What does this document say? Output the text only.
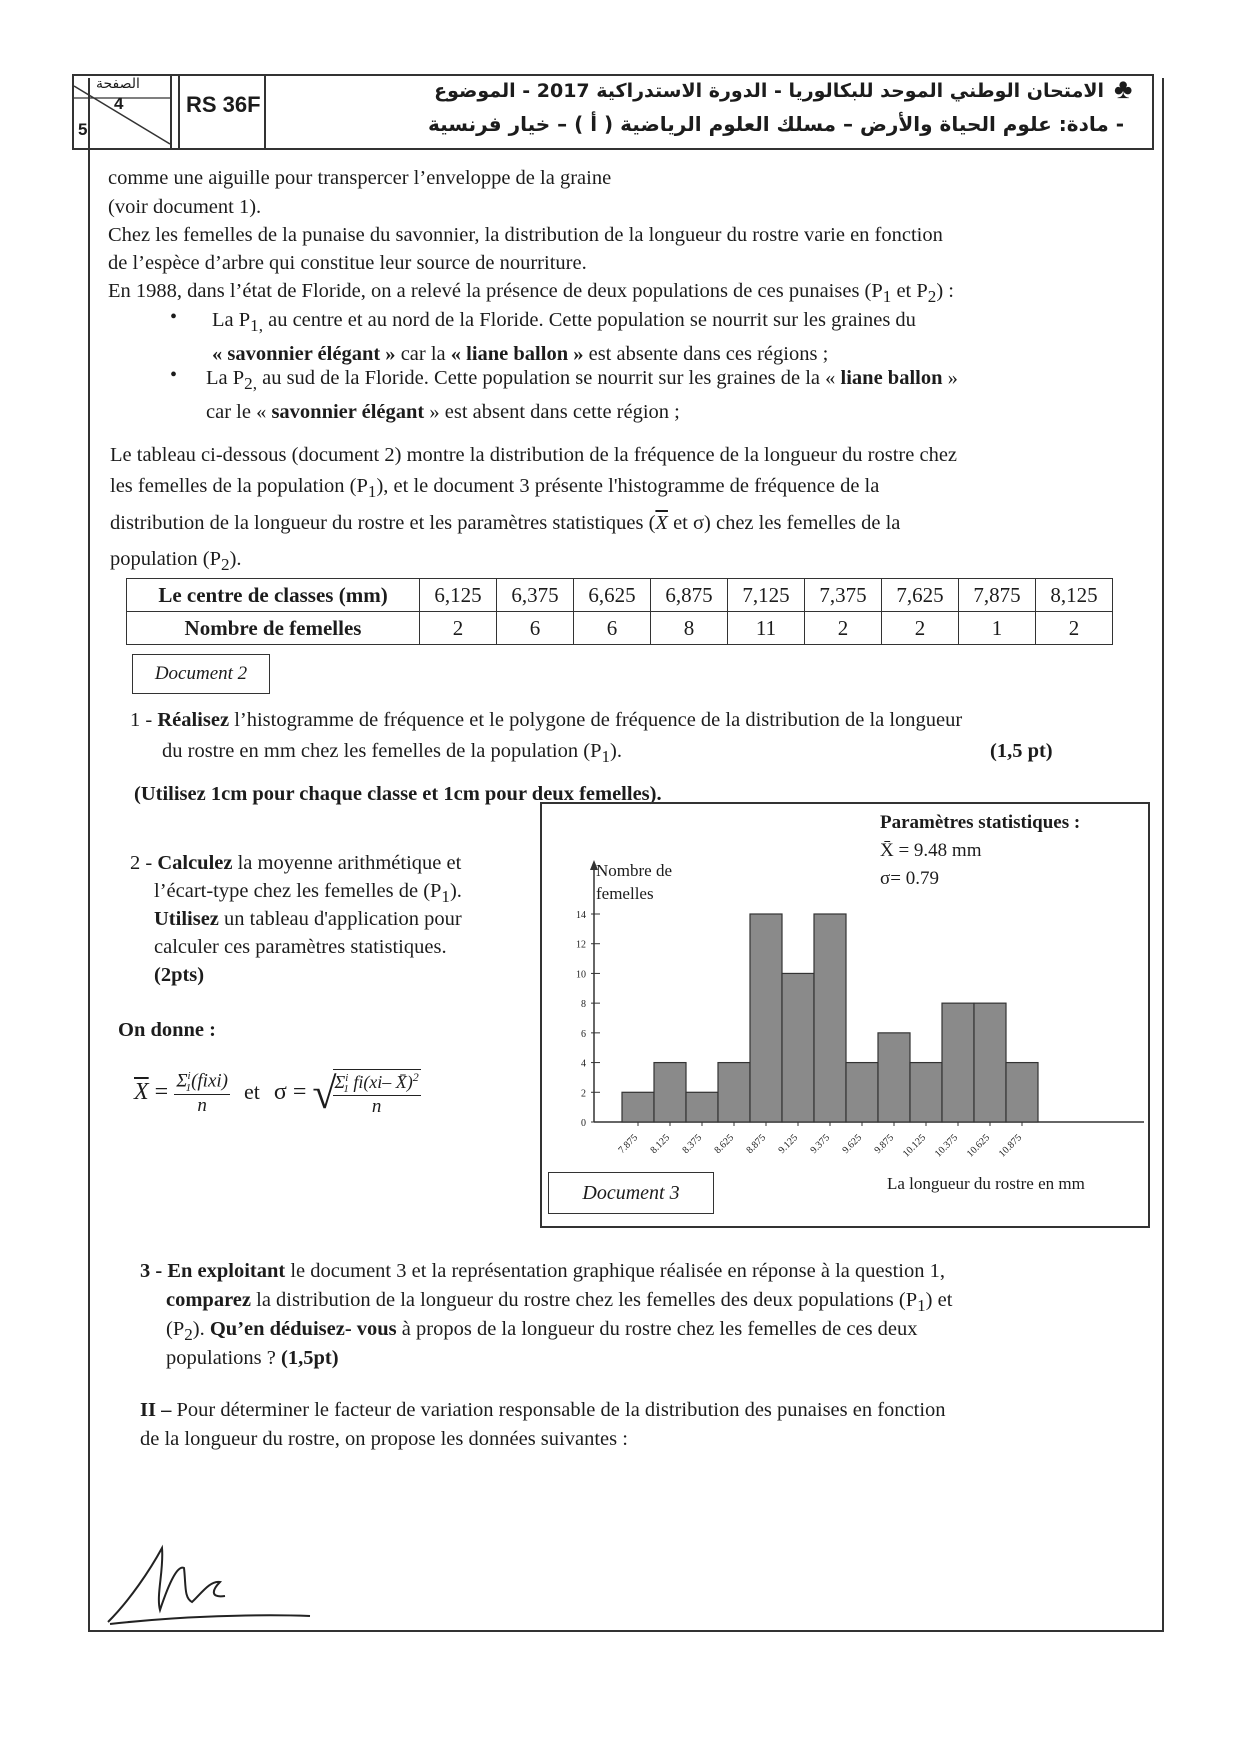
الصفحة
4
5
RS 36F
الامتحان الوطني الموحد للبكالوريا - الدورة الاستدراكية 2017 - الموضوع
- مادة: علوم الحياة والأرض – مسلك العلوم الرياضية ( أ ) – خيار فرنسية
♣

comme une aiguille pour transpercer l’enveloppe de la graine

(voir document 1).

Chez les femelles de la punaise du savonnier, la distribution de la longueur du rostre varie en fonction

de l’espèce d’arbre qui constitue leur source de nourriture.

En 1988, dans l’état de Floride, on a relevé la présence de deux populations de ces punaises ($P_1$ et $P_2$) :

• La $P_{1,}$ au centre et au nord de la Floride. Cette population se nourrit sur les graines du
« savonnier élégant » car la « liane ballon » est absente dans ces régions ;

• La $P_{2,}$ au sud de la Floride. Cette population se nourrit sur les graines de la « liane ballon »
car le « savonnier élégant » est absent dans cette région ;

Le tableau ci-dessous (document 2) montre la distribution de la fréquence de la longueur du rostre chez

les femelles de la population $(P_1)$, et le document 3 présente l'histogramme de fréquence de la

distribution de la longueur du rostre et les paramètres statistiques ($\overline{X}$ et σ) chez les femelles de la

population $(P_2)$.

Le centre de classes (mm)	6,125	6,375	6,625	6,875	7,125	7,375	7,625	7,875	8,125
Nombre de femelles	2	6	6	8	11	2	2	1	2
Document 2

1 - Réalisez l’histogramme de fréquence et le polygone de fréquence de la distribution de la longueur

du rostre en mm chez les femelles de la population $(P_1)$.	(1,5 pt)

(Utilisez 1cm pour chaque classe et 1cm pour deux femelles).

2 - Calculez la moyenne arithmétique et

l’écart-type chez les femelles de $(P_1)$.

Utilisez un tableau d'application pour

calculer ces paramètres statistiques.

(2pts)

On donne :

$\overline{X} = \frac{\Sigma^i_1(fixi)}{n}$ et σ = √
$\frac{\Sigma^i_1 fi(xi- X̄)^2}{n}$
Paramètres statistiques :
X̄ = 9.48 mm
σ= 0.79
Nombre de
femelles
0
2
4
6
8
10
12
14
7.875 8.125 8.375 8.625 8.875 9.125 9.375 9.625 9.875 10.125 10.375 10.625 10.875
La longueur du rostre en mm
Document 3

3 - En exploitant le document 3 et la représentation graphique réalisée en réponse à la question 1,

comparez la distribution de la longueur du rostre chez les femelles des deux populations $(P_1)$ et

$(P_2)$. Qu’en déduisez- vous à propos de la longueur du rostre chez les femelles de ces deux

populations ? (1,5pt)

II – Pour déterminer le facteur de variation responsable de la distribution des punaises en fonction

de la longueur du rostre, on propose les données suivantes :
